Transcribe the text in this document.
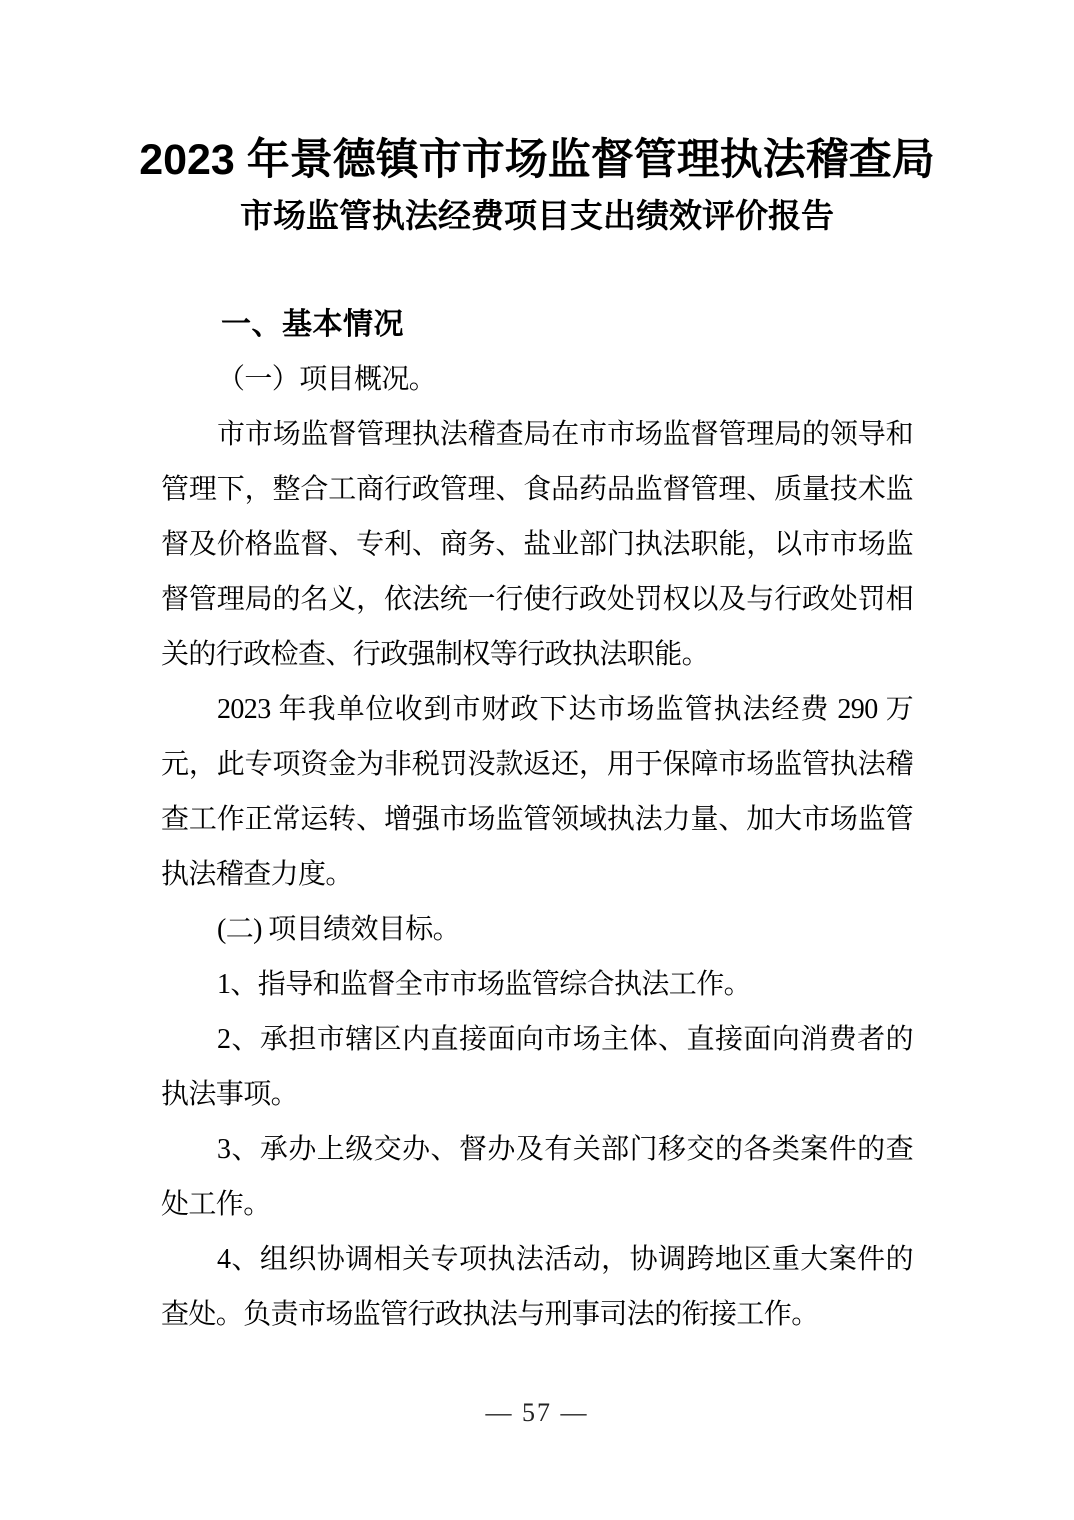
2023 年景德镇市市场监督管理执法稽查局
市场监管执法经费项目支出绩效评价报告

一、基本情况

（一）项目概况。

市市场监督管理执法稽查局在市市场监督管理局的领导和管理下，整合工商行政管理、食品药品监督管理、质量技术监督及价格监督、专利、商务、盐业部门执法职能，以市市场监督管理局的名义，依法统一行使行政处罚权以及与行政处罚相关的行政检查、行政强制权等行政执法职能。

2023 年我单位收到市财政下达市场监管执法经费 290 万元，此专项资金为非税罚没款返还，用于保障市场监管执法稽查工作正常运转、增强市场监管领域执法力量、加大市场监管执法稽查力度。

(二) 项目绩效目标。

1、指导和监督全市市场监管综合执法工作。

2、承担市辖区内直接面向市场主体、直接面向消费者的执法事项。

3、承办上级交办、督办及有关部门移交的各类案件的查处工作。

4、组织协调相关专项执法活动，协调跨地区重大案件的查处。负责市场监管行政执法与刑事司法的衔接工作。

— 57 —
